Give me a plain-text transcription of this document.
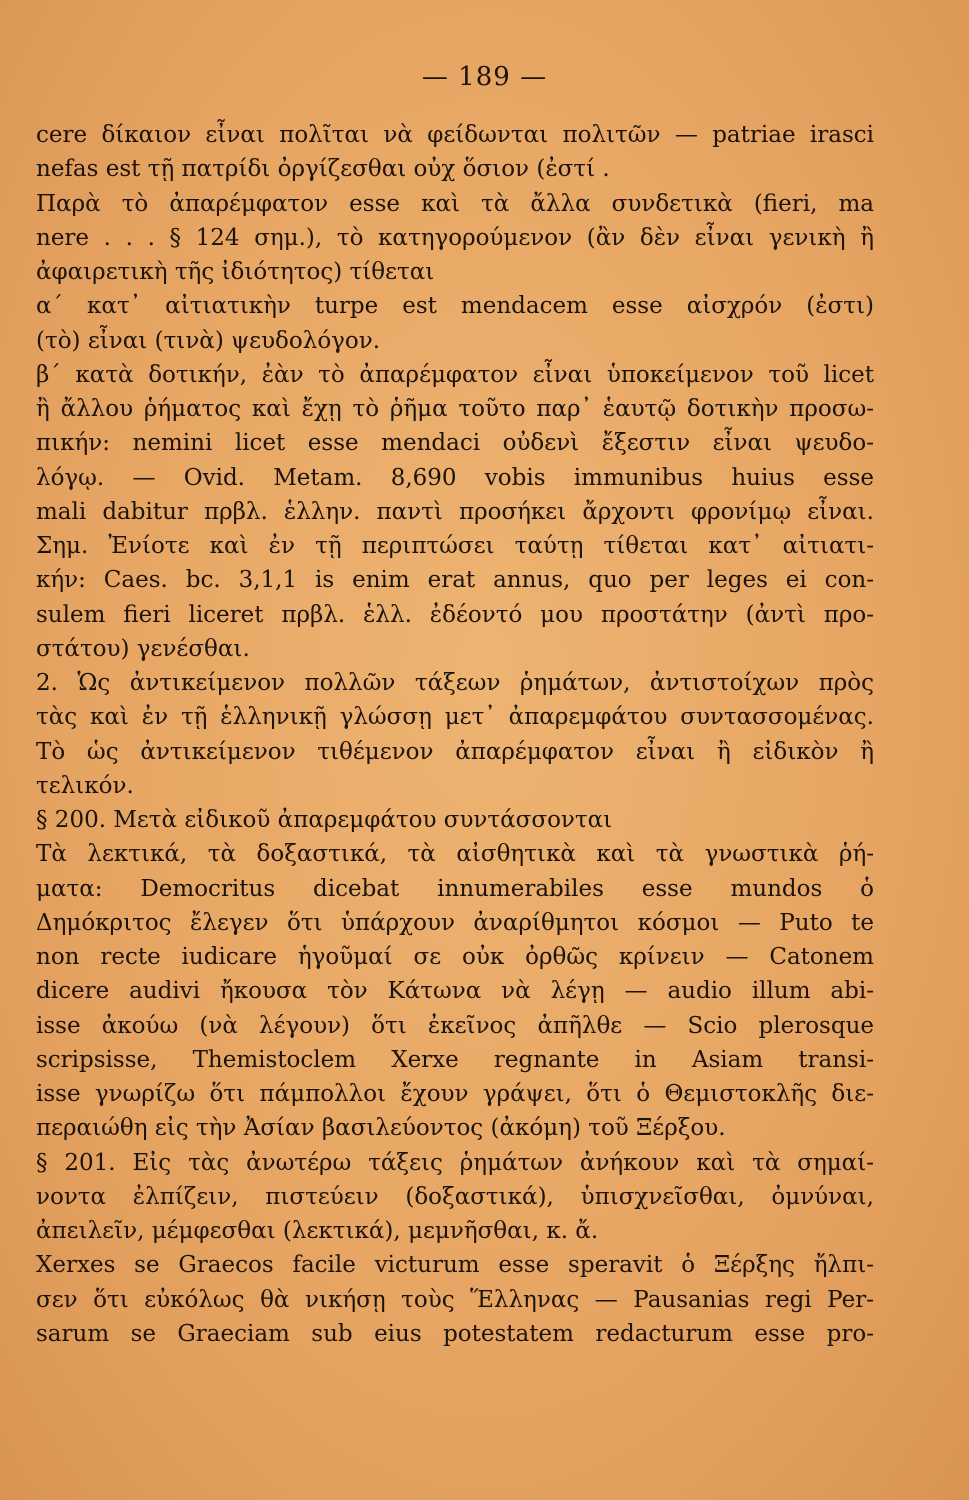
— 189 —
cere δίκαιον εἶναι πολῖται νὰ φείδωνται πολιτῶν — patriae irasci
nefas est τῇ πατρίδι ὀργίζεσθαι οὐχ ὅσιον (ἐστί .
Παρὰ τὸ ἀπαρέμφατον esse καὶ τὰ ἄλλα συνδετικὰ (fieri, ma
nere . . . § 124 σημ.), τὸ κατηγορούμενον (ἂν δὲν εἶναι γενικὴ ἢ
ἀφαιρετικὴ τῆς ἰδιότητος) τίθεται
α΄ κατ᾽ αἰτιατικὴν turpe est mendacem esse αἰσχρόν (ἐστι)
(τὸ) εἶναι (τινὰ) ψευδολόγον.
β΄ κατὰ δοτικήν, ἐὰν τὸ ἀπαρέμφατον εἶναι ὑποκείμενον τοῦ licet
ἢ ἄλλου ῥήματος καὶ ἔχῃ τὸ ῥῆμα τοῦτο παρ᾽ ἑαυτῷ δοτικὴν προσω-
πικήν: nemini licet esse mendaci οὐδενὶ ἔξεστιν εἶναι ψευδο-
λόγῳ. — Ovid. Metam. 8,690 vobis immunibus huius esse
mali dabitur πρβλ. ἑλλην. παντὶ προσήκει ἄρχοντι φρονίμῳ εἶναι.
Σημ. Ἐνίοτε καὶ ἐν τῇ περιπτώσει ταύτῃ τίθεται κατ᾽ αἰτιατι-
κήν: Caes. bc. 3,1,1 is enim erat annus, quo per leges ei con-
sulem fieri liceret πρβλ. ἑλλ. ἐδέοντό μου προστάτην (ἀντὶ προ-
στάτου) γενέσθαι.
2. Ὡς ἀντικείμενον πολλῶν τάξεων ῥημάτων, ἀντιστοίχων πρὸς
τὰς καὶ ἐν τῇ ἑλληνικῇ γλώσσῃ μετ᾽ ἀπαρεμφάτου συντασσομένας.
Τὸ ὡς ἀντικείμενον τιθέμενον ἀπαρέμφατον εἶναι ἢ εἰδικὸν ἢ
τελικόν.
§ 200. Μετὰ εἰδικοῦ ἀπαρεμφάτου συντάσσονται
Τὰ λεκτικά, τὰ δοξαστικά, τὰ αἰσθητικὰ καὶ τὰ γνωστικὰ ῥή-
ματα: Democritus dicebat innumerabiles esse mundos ὁ
Δημόκριτος ἔλεγεν ὅτι ὑπάρχουν ἀναρίθμητοι κόσμοι — Puto te
non recte iudicare ἡγοῦμαί σε οὐκ ὀρθῶς κρίνειν — Catonem
dicere audivi ἤκουσα τὸν Κάτωνα νὰ λέγῃ — audio illum abi-
isse ἀκούω (νὰ λέγουν) ὅτι ἐκεῖνος ἀπῆλθε — Scio plerosque
scripsisse, Themistoclem Xerxe regnante in Asiam transi-
isse γνωρίζω ὅτι πάμπολλοι ἔχουν γράψει, ὅτι ὁ Θεμιστοκλῆς διε-
περαιώθη εἰς τὴν Ἀσίαν βασιλεύοντος (ἀκόμη) τοῦ Ξέρξου.
§ 201. Εἰς τὰς ἀνωτέρω τάξεις ῥημάτων ἀνήκουν καὶ τὰ σημαί-
νοντα ἐλπίζειν, πιστεύειν (δοξαστικά), ὑπισχνεῖσθαι, ὀμνύναι,
ἀπειλεῖν, μέμφεσθαι (λεκτικά), μεμνῆσθαι, κ. ἄ.
Xerxes se Graecos facile victurum esse speravit ὁ Ξέρξης ἤλπι-
σεν ὅτι εὐκόλως θὰ νικήσῃ τοὺς Ἕλληνας — Pausanias regi Per-
sarum se Graeciam sub eius potestatem redacturum esse pro-
